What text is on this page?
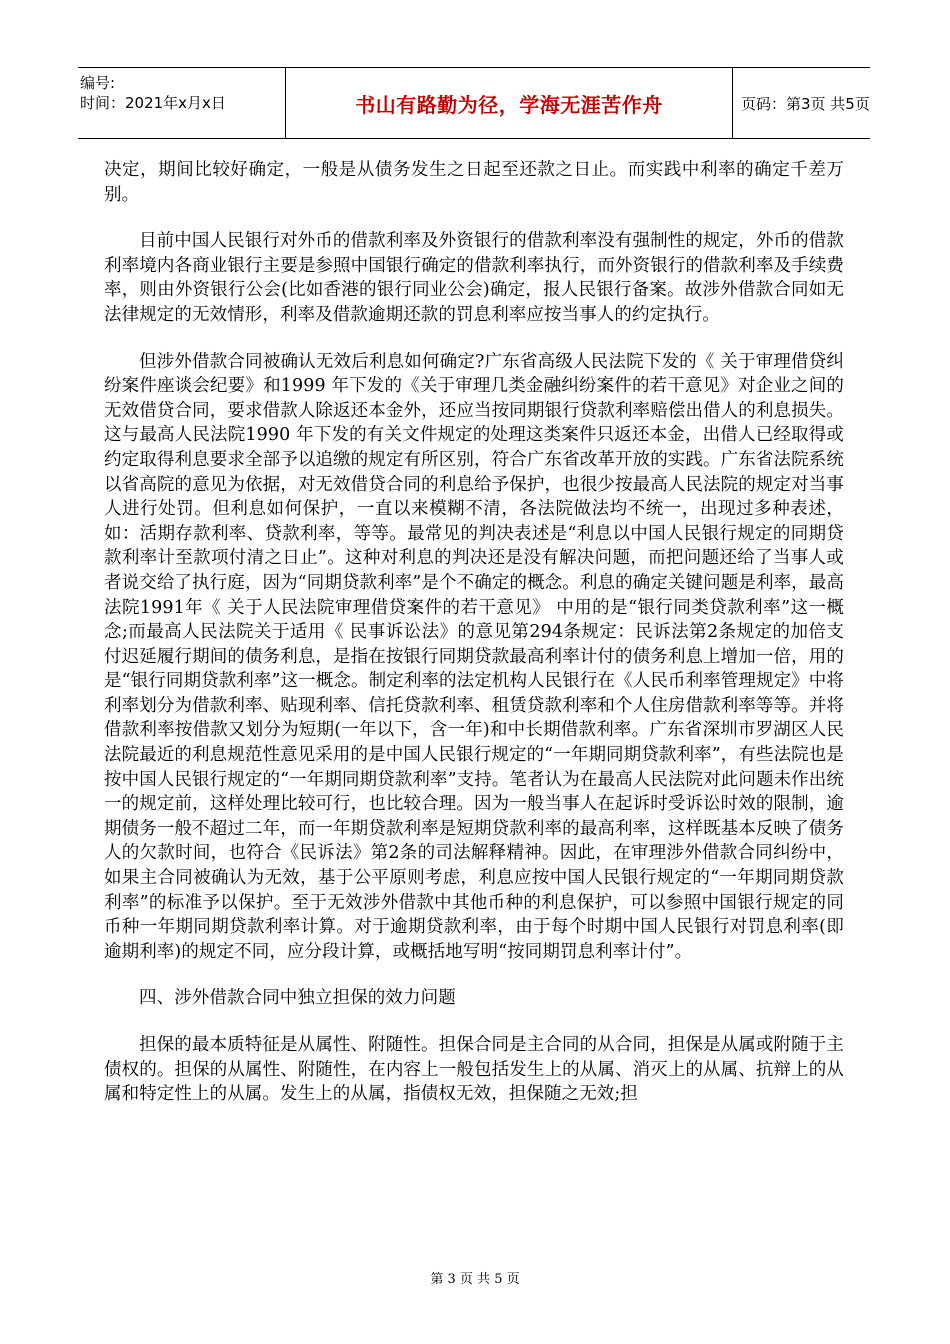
编号:
时间：2021年x月x日	书山有路勤为径，学海无涯苦作舟	页码：第3页 共5页

决定，期间比较好确定，一般是从债务发生之日起至还款之日止。而实践中利率的确定千差万别。

目前中国人民银行对外币的借款利率及外资银行的借款利率没有强制性的规定，外币的借款利率境内各商业银行主要是参照中国银行确定的借款利率执行，而外资银行的借款利率及手续费率，则由外资银行公会(比如香港的银行同业公会)确定，报人民银行备案。故涉外借款合同如无法律规定的无效情形，利率及借款逾期还款的罚息利率应按当事人的约定执行。

但涉外借款合同被确认无效后利息如何确定?广东省高级人民法院下发的《 关于审理借贷纠纷案件座谈会纪要》和1999 年下发的《关于审理几类金融纠纷案件的若干意见》对企业之间的无效借贷合同，要求借款人除返还本金外，还应当按同期银行贷款利率赔偿出借人的利息损失。这与最高人民法院1990 年下发的有关文件规定的处理这类案件只返还本金，出借人已经取得或约定取得利息要求全部予以追缴的规定有所区别，符合广东省改革开放的实践。广东省法院系统以省高院的意见为依据，对无效借贷合同的利息给予保护，也很少按最高人民法院的规定对当事人进行处罚。但利息如何保护，一直以来模糊不清，各法院做法均不统一，出现过多种表述，如：活期存款利率、贷款利率，等等。最常见的判决表述是“利息以中国人民银行规定的同期贷款利率计至款项付清之日止”。这种对利息的判决还是没有解决问题，而把问题还给了当事人或者说交给了执行庭，因为“同期贷款利率”是个不确定的概念。利息的确定关键问题是利率，最高法院1991年《 关于人民法院审理借贷案件的若干意见》 中用的是“银行同类贷款利率”这一概念;而最高人民法院关于适用《 民事诉讼法》的意见第294条规定：民诉法第2条规定的加倍支付迟延履行期间的债务利息，是指在按银行同期贷款最高利率计付的债务利息上增加一倍，用的是“银行同期贷款利率”这一概念。制定利率的法定机构人民银行在《人民币利率管理规定》中将利率划分为借款利率、贴现利率、信托贷款利率、租赁贷款利率和个人住房借款利率等等。并将借款利率按借款又划分为短期(一年以下，含一年)和中长期借款利率。广东省深圳市罗湖区人民法院最近的利息规范性意见采用的是中国人民银行规定的“一年期同期贷款利率”，有些法院也是按中国人民银行规定的“一年期同期贷款利率”支持。笔者认为在最高人民法院对此问题未作出统一的规定前，这样处理比较可行，也比较合理。因为一般当事人在起诉时受诉讼时效的限制，逾期债务一般不超过二年，而一年期贷款利率是短期贷款利率的最高利率，这样既基本反映了债务人的欠款时间，也符合《民诉法》第2条的司法解释精神。因此，在审理涉外借款合同纠纷中，如果主合同被确认为无效，基于公平原则考虑，利息应按中国人民银行规定的“一年期同期贷款利率”的标准予以保护。至于无效涉外借款中其他币种的利息保护，可以参照中国银行规定的同币种一年期同期贷款利率计算。对于逾期贷款利率，由于每个时期中国人民银行对罚息利率(即逾期利率)的规定不同，应分段计算，或概括地写明“按同期罚息利率计付”。

四、涉外借款合同中独立担保的效力问题

担保的最本质特征是从属性、附随性。担保合同是主合同的从合同，担保是从属或附随于主债权的。担保的从属性、附随性，在内容上一般包括发生上的从属、消灭上的从属、抗辩上的从属和特定性上的从属。发生上的从属，指债权无效，担保随之无效;担

第 3 页 共 5 页
